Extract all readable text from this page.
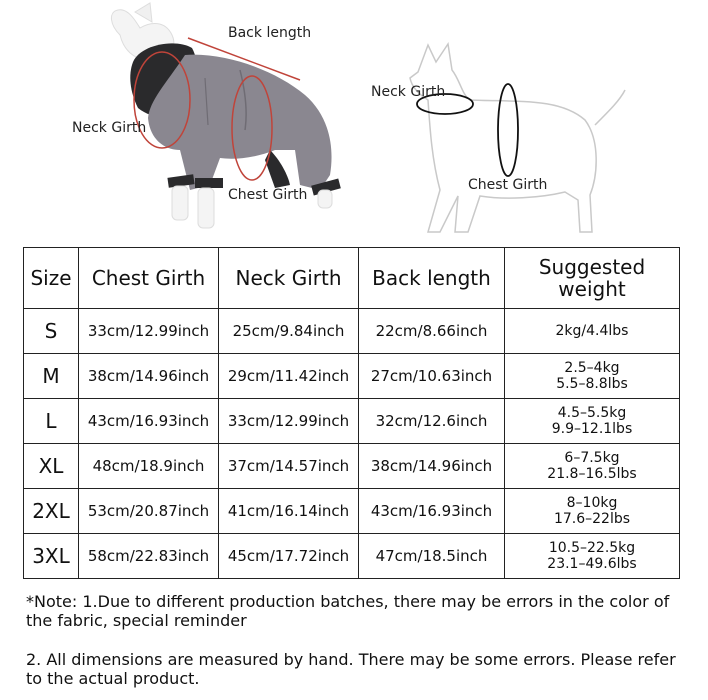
Back length
Neck Girth
Chest Girth
Neck Girth
Chest Girth
Size	Chest Girth	Neck Girth	Back length	Suggested weight
S	33cm/12.99inch	25cm/9.84inch	22cm/8.66inch	2kg/4.4lbs

M	38cm/14.96inch	29cm/11.42inch	27cm/10.63inch	2.5–4kg
5.5–8.8lbs

L	43cm/16.93inch	33cm/12.99inch	32cm/12.6inch	4.5–5.5kg
9.9–12.1lbs

XL	48cm/18.9inch	37cm/14.57inch	38cm/14.96inch	6–7.5kg
21.8–16.5lbs

2XL	53cm/20.87inch	41cm/16.14inch	43cm/16.93inch	8–10kg
17.6–22lbs

3XL	58cm/22.83inch	45cm/17.72inch	47cm/18.5inch	10.5–22.5kg
23.1–49.6lbs

*Note: 1.Due to different production batches, there may be errors in the color of the fabric, special reminder

2. All dimensions are measured by hand. There may be some errors. Please refer to the actual product.
